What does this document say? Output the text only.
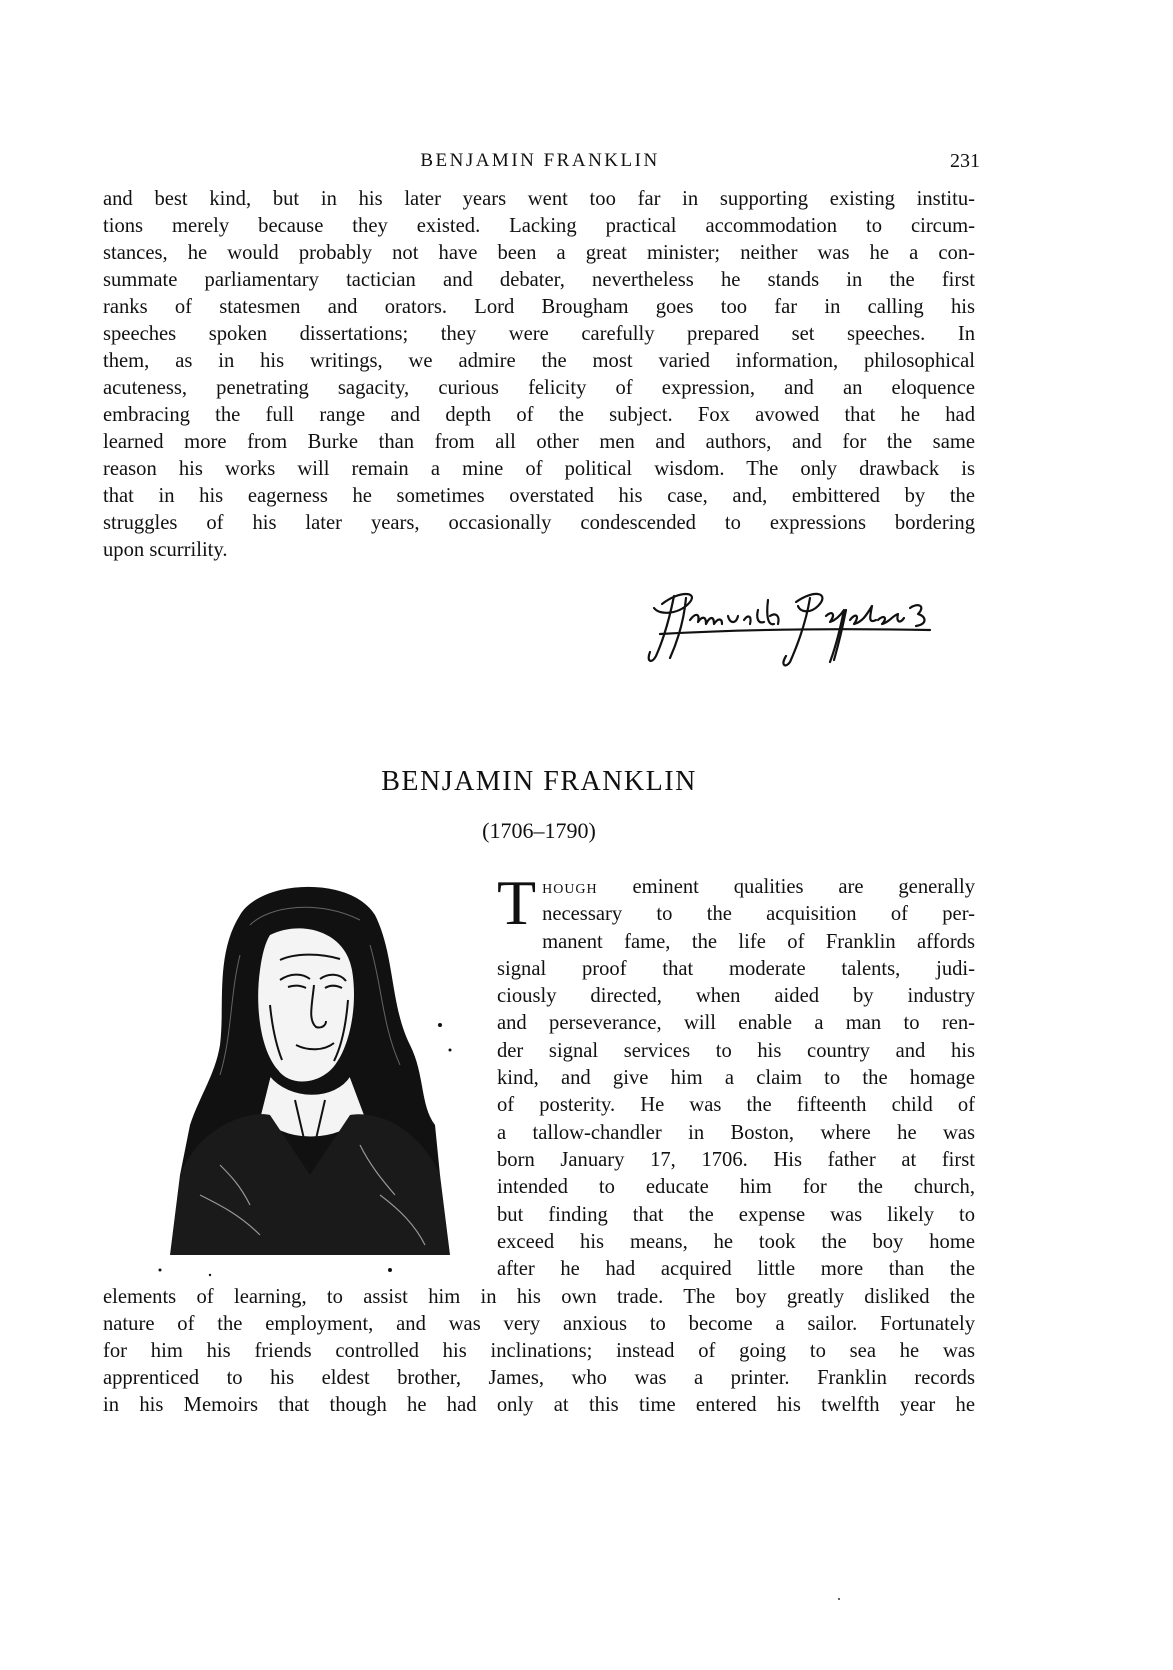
BENJAMIN FRANKLIN	231
and best kind, but in his later years went too far in supporting existing institu-
tions merely because they existed. Lacking practical accommodation to circum-
stances, he would probably not have been a great minister; neither was he a con-
summate parliamentary tactician and debater, nevertheless he stands in the first
ranks of statesmen and orators. Lord Brougham goes too far in calling his
speeches spoken dissertations; they were carefully prepared set speeches. In
them, as in his writings, we admire the most varied information, philosophical
acuteness, penetrating sagacity, curious felicity of expression, and an eloquence
embracing the full range and depth of the subject. Fox avowed that he had
learned more from Burke than from all other men and authors, and for the same
reason his works will remain a mine of political wisdom. The only drawback is
that in his eagerness he sometimes overstated his case, and, embittered by the
struggles of his later years, occasionally condescended to expressions bordering
upon scurrility.
BENJAMIN FRANKLIN
(1706–1790)
T hough eminent qualities are generally
necessary to the acquisition of per-
manent fame, the life of Franklin affords
signal proof that moderate talents, judi-
ciously directed, when aided by industry
and perseverance, will enable a man to ren-
der signal services to his country and his
kind, and give him a claim to the homage
of posterity. He was the fifteenth child of
a tallow-chandler in Boston, where he was
born January 17, 1706. His father at first
intended to educate him for the church,
but finding that the expense was likely to
exceed his means, he took the boy home
after he had acquired little more than the
elements of learning, to assist him in his own trade. The boy greatly disliked the
nature of the employment, and was very anxious to become a sailor. Fortunately
for him his friends controlled his inclinations; instead of going to sea he was
apprenticed to his eldest brother, James, who was a printer. Franklin records
in his Memoirs that though he had only at this time entered his twelfth year he
